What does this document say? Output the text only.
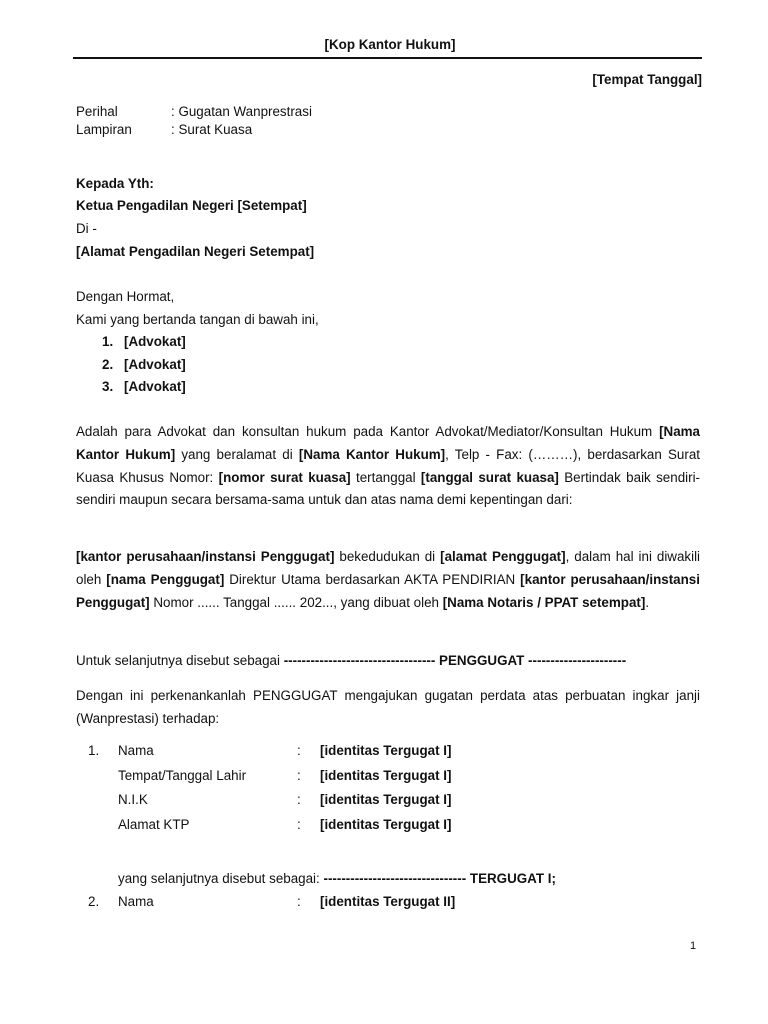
[Kop Kantor Hukum]
[Tempat Tanggal]
Perihal	: Gugatan Wanprestrasi
Lampiran	: Surat Kuasa
Kepada Yth:
Ketua Pengadilan Negeri [Setempat]
Di -
[Alamat Pengadilan Negeri Setempat]
Dengan Hormat,
Kami yang bertanda tangan di bawah ini,
1. [Advokat]
2. [Advokat]
3. [Advokat]
Adalah para Advokat dan konsultan hukum pada Kantor Advokat/Mediator/Konsultan Hukum [Nama Kantor Hukum] yang beralamat di [Nama Kantor Hukum], Telp - Fax: (………), berdasarkan Surat Kuasa Khusus Nomor: [nomor surat kuasa] tertanggal [tanggal surat kuasa] Bertindak baik sendiri-sendiri maupun secara bersama-sama untuk dan atas nama demi kepentingan dari:
[kantor perusahaan/instansi Penggugat] bekedudukan di [alamat Penggugat], dalam hal ini diwakili oleh [nama Penggugat] Direktur Utama berdasarkan AKTA PENDIRIAN [kantor perusahaan/instansi Penggugat] Nomor ...... Tanggal ...... 202..., yang dibuat oleh [Nama Notaris / PPAT setempat].
Untuk selanjutnya disebut sebagai ---------------------------------- PENGGUGAT ----------------------
Dengan ini perkenankanlah PENGGUGAT mengajukan gugatan perdata atas perbuatan ingkar janji (Wanprestasi) terhadap:
1. Nama	: [identitas Tergugat I]
Tempat/Tanggal Lahir	: [identitas Tergugat I]
N.I.K	: [identitas Tergugat I]
Alamat KTP	: [identitas Tergugat I]
yang selanjutnya disebut sebagai: -------------------------------- TERGUGAT I;
2. Nama	: [identitas Tergugat II]
1
